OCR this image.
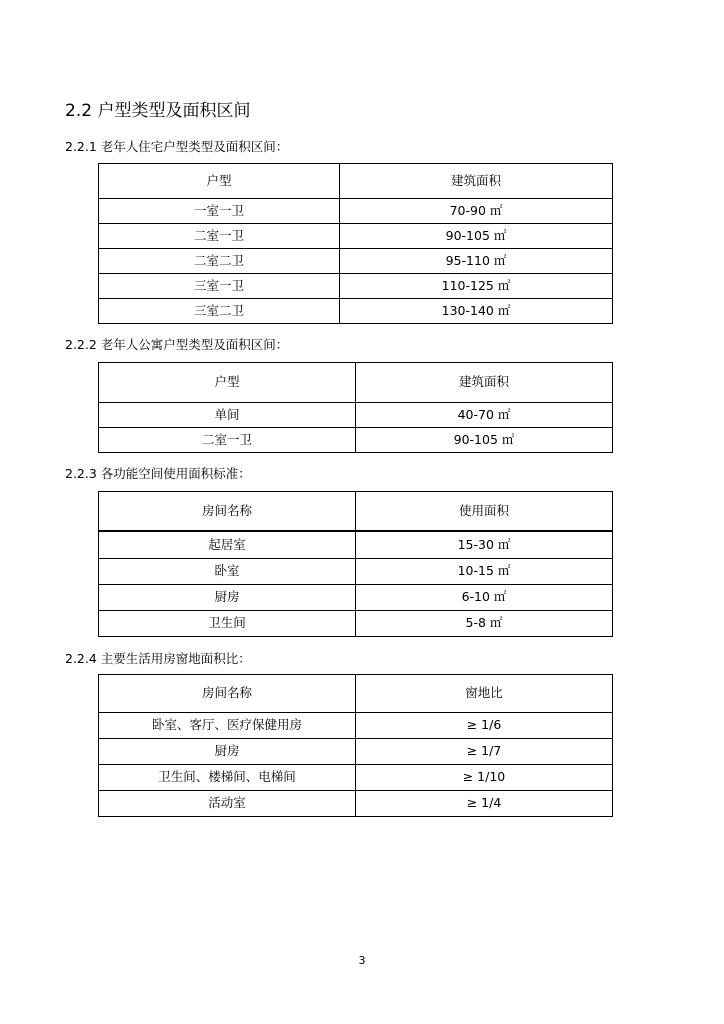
2.2 户型类型及面积区间
2.2.1 老年人住宅户型类型及面积区间：
户型	建筑面积
一室一卫	70-90 ㎡
二室一卫	90-105 ㎡
二室二卫	95-110 ㎡
三室一卫	110-125 ㎡
三室二卫	130-140 ㎡
2.2.2 老年人公寓户型类型及面积区间：
户型	建筑面积
单间	40-70 ㎡
二室一卫	90-105 ㎡
2.2.3 各功能空间使用面积标准：
房间名称	使用面积
起居室	15-30 ㎡
卧室	10-15 ㎡
厨房	6-10 ㎡
卫生间	5-8 ㎡
2.2.4 主要生活用房窗地面积比：
房间名称	窗地比
卧室、客厅、医疗保健用房	≥ 1/6
厨房	≥ 1/7
卫生间、楼梯间、电梯间	≥ 1/10
活动室	≥ 1/4
3
